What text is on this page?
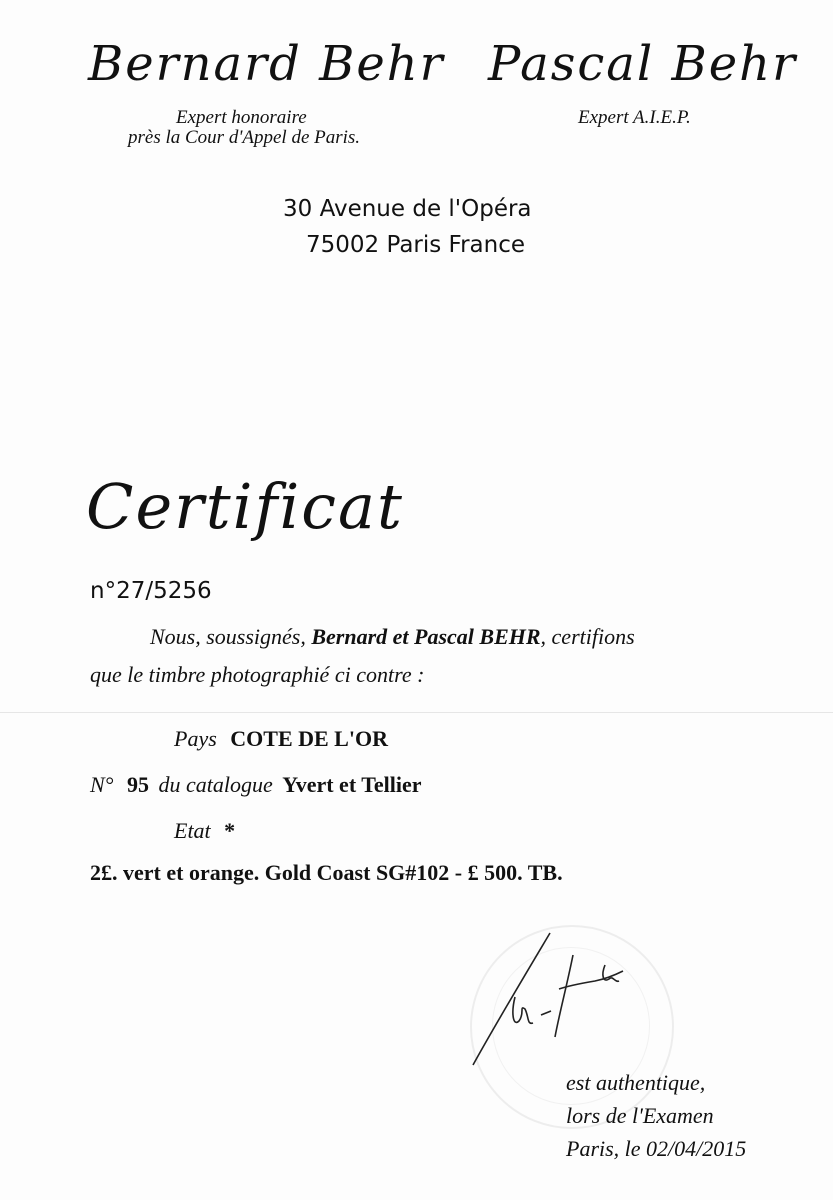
Bernard Behr Pascal Behr
Expert honoraire
près la Cour d'Appel de Paris.
Expert A.I.E.P.
30 Avenue de l'Opéra
75002 Paris France
Certificat
n°27/5256
Nous, soussignés, Bernard et Pascal BEHR, certifions
que le timbre photographié ci contre :
Pays COTE DE L'OR
N° 95 du catalogue Yvert et Tellier
Etat *
2£. vert et orange. Gold Coast SG#102 - £ 500. TB.
est authentique,
lors de l'Examen
Paris, le 02/04/2015
